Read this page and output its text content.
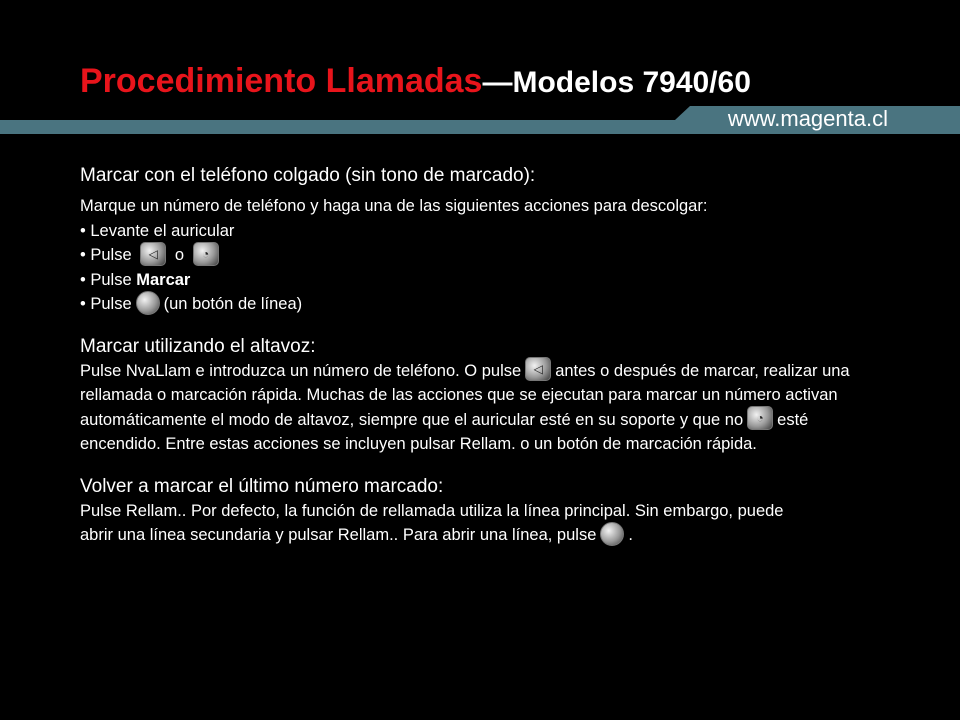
Procedimiento Llamadas—Modelos 7940/60
www.magenta.cl

Marcar con el teléfono colgado (sin tono de marcado):

Marque un número de teléfono y haga una de las siguientes acciones para descolgar:

• Levante el auricular

• Pulse	◁	o	◔

• Pulse Marcar

• Pulse (un botón de línea)

Marcar utilizando el altavoz:

Pulse NvaLlam e introduzca un número de teléfono. O pulse	◁ antes o después de marcar, realizar una rellamada o marcación rápida. Muchas de las acciones que se ejecutan para marcar un número activan automáticamente el modo de altavoz, siempre que el auricular esté en su soporte y que no	◔ esté encendido. Entre estas acciones se incluyen pulsar Rellam. o un botón de marcación rápida.

Volver a marcar el último número marcado:

Pulse Rellam.. Por defecto, la función de rellamada utiliza la línea principal. Sin embargo, puede abrir una línea secundaria y pulsar Rellam.. Para abrir una línea, pulse .
